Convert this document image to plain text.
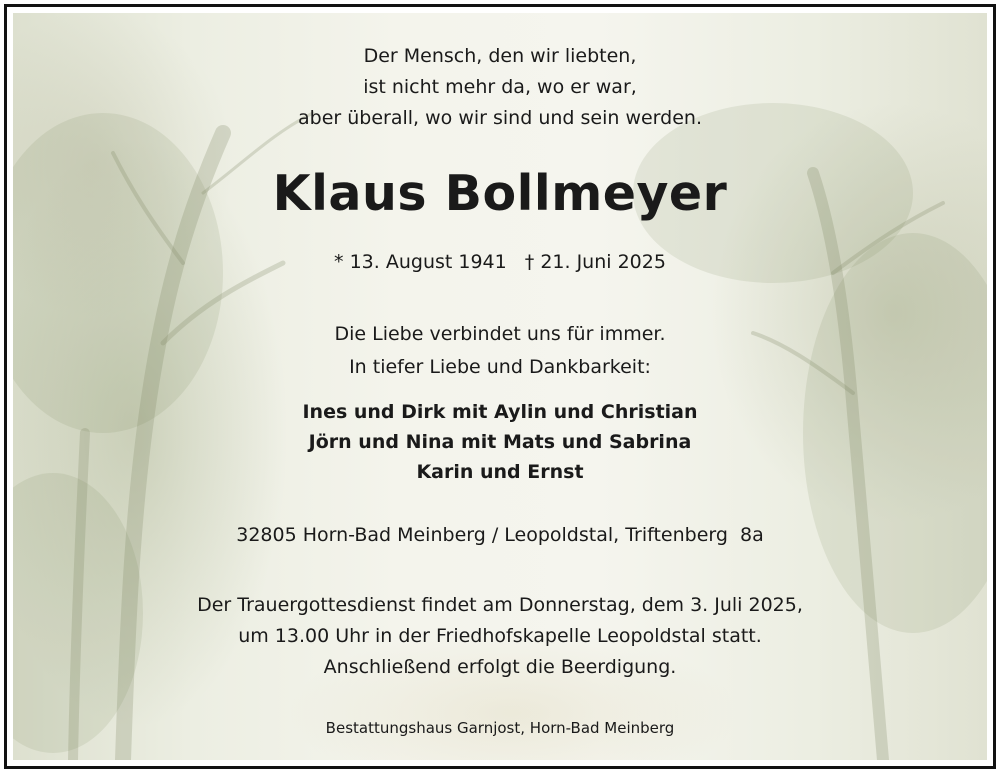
Der Mensch, den wir liebten,
ist nicht mehr da, wo er war,
aber überall, wo wir sind und sein werden.
Klaus Bollmeyer
* 13. August 1941 † 21. Juni 2025
Die Liebe verbindet uns für immer.
In tiefer Liebe und Dankbarkeit:
Ines und Dirk mit Aylin und Christian
Jörn und Nina mit Mats und Sabrina
Karin und Ernst
32805 Horn-Bad Meinberg / Leopoldstal, Triftenberg  8a
Der Trauergottesdienst findet am Donnerstag, dem 3. Juli 2025,
um 13.00 Uhr in der Friedhofskapelle Leopoldstal statt.
Anschließend erfolgt die Beerdigung.
Bestattungshaus Garnjost, Horn-Bad Meinberg
